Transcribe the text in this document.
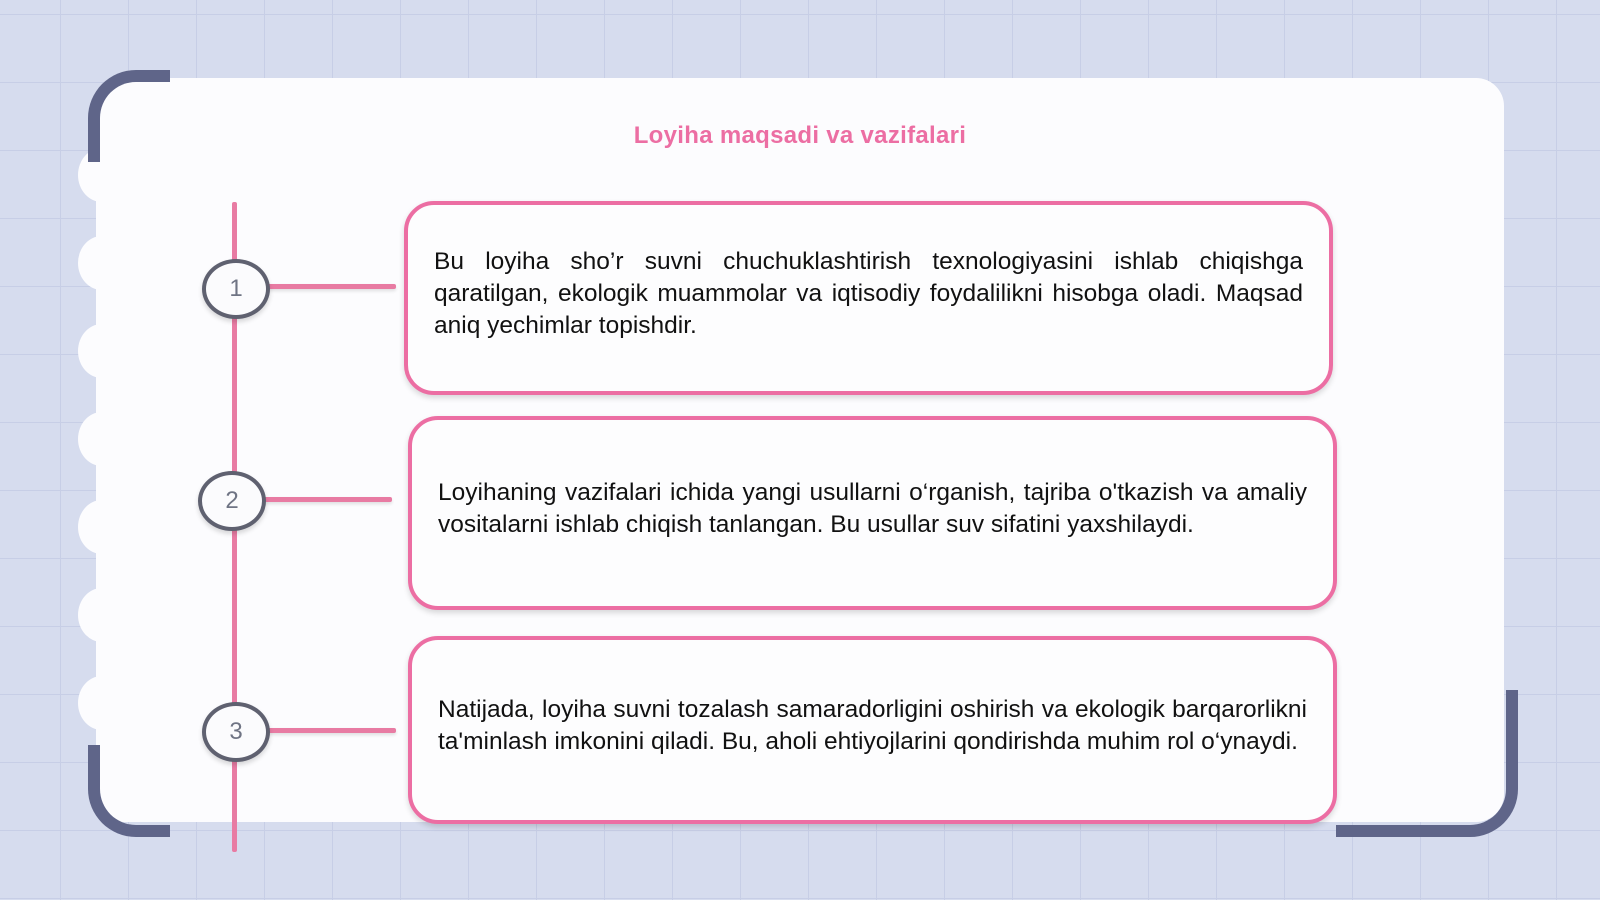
Loyiha maqsadi va vazifalari
1
2
3

Bu loyiha sho’r suvni chuchuklashtirish texnologiyasini ishlab chiqishga qaratilgan, ekologik muammolar va iqtisodiy foydalilikni hisobga oladi. Maqsad aniq yechimlar topishdir.

Loyihaning vazifalari ichida yangi usullarni o‘rganish, tajriba o'tkazish va amaliy vositalarni ishlab chiqish tanlangan. Bu usullar suv sifatini yaxshilaydi.

Natijada, loyiha suvni tozalash samaradorligini oshirish va ekologik barqarorlikni ta'minlash imkonini qiladi. Bu, aholi ehtiyojlarini qondirishda muhim rol o‘ynaydi.
